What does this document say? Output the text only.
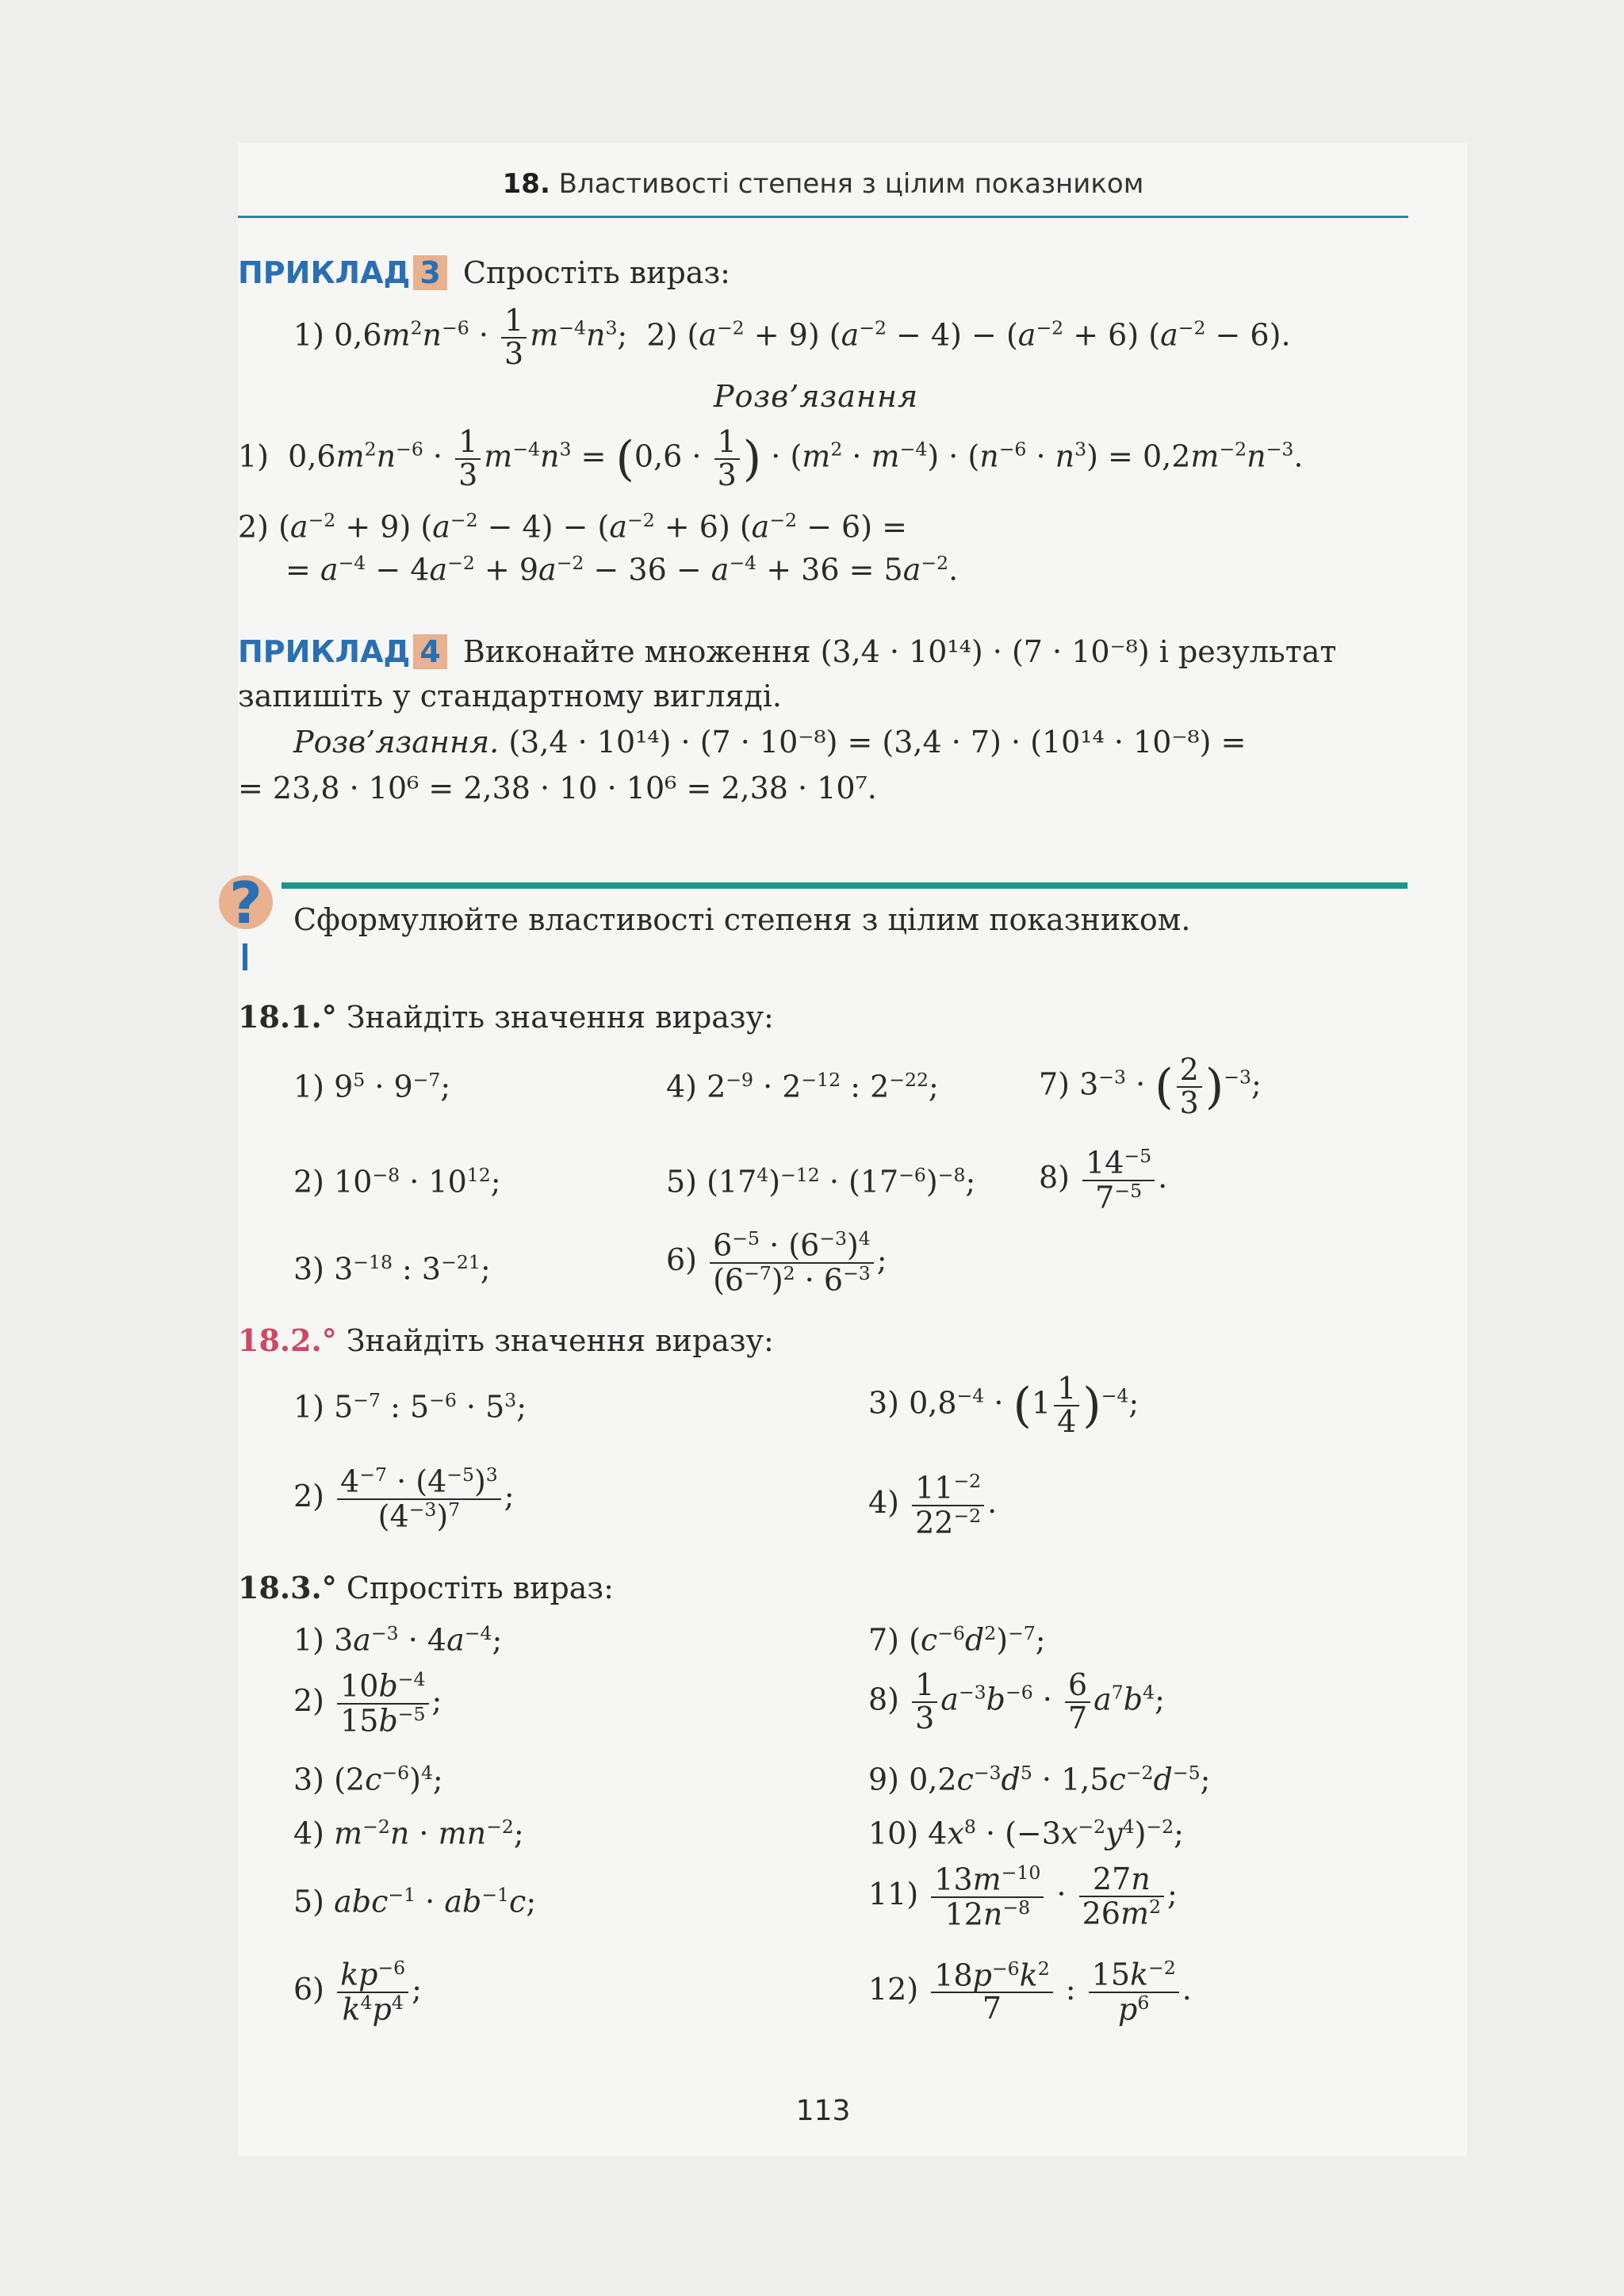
18. Властивості степеня з цілим показником
ПРИКЛАД 3 Спростіть вираз:
1) $0,6m^2n^{-6} \cdot \frac{1}{3} m^{-4}n^3$;  2) $(a^{-2} + 9) (a^{-2} - 4) - (a^{-2} + 6) (a^{-2} - 6)$.
Розв’язання
1)  $0,6m^2n^{-6} \cdot \frac{1}{3} m^{-4}n^3 = (0,6 \cdot \frac{1}{3}$ ) · $(m^2 \cdot m^{-4}) \cdot (n^{-6} \cdot n^3) = 0,2m^{-2}n^{-3}$.
2) $(a^{-2} + 9) (a^{-2} - 4) - (a^{-2} + 6) (a^{-2} - 6)$ =
= $a^{-4} - 4a^{-2} + 9a^{-2} - 36 - a^{-4} + 36 = 5a^{-2}$.
ПРИКЛАД 4 Виконайте множення (3,4 · 10¹⁴) · (7 · 10⁻⁸) і результат
запишіть у стандартному вигляді.
Розв’язання. (3,4 · 10¹⁴) · (7 · 10⁻⁸) = (3,4 · 7) · (10¹⁴ · 10⁻⁸) =
= 23,8 · 10⁶ = 2,38 · 10 · 10⁶ = 2,38 · 10⁷.
? Сформулюйте властивості степеня з цілим показником.
18.1.° Знайдіть значення виразу:
1) $9^5 \cdot 9^{-7}$;	4) $2^{-9} \cdot 2^{-12}$ : $2^{-22}$;	7) $3^{-3}$ · ( $\frac{2}{3} )^{-3}$;
2) $10^{-8} \cdot 10^{12}$;	5) $(17^4)^{-12} \cdot (17^{-6})^{-8}$; $8) \frac{14^{-5}}{7^{-5}}$ .
3) $3^{-18}$ : $3^{-21}$;	$6) \frac{6^{-5} \cdot (6^{-3})^4}{(6^{-7})^2 \cdot 6^{-3}}$ ;
18.2.° Знайдіть значення виразу:
1) $5^{-7}$ : $5^{-6} \cdot 5^3$;	3) $0,8^{-4} \cdot (1 \frac{1}{4} )^{-4}$;
$2) \frac{4^{-7} \cdot (4^{-5})^3}{(4^{-3})^7}$ ;	$4) \frac{11^{-2}}{22^{-2}}$ .
18.3.° Спростіть вираз:
1) $3a^{-3} \cdot 4a^{-4}$;	7) $(c^{-6}d^2)^{-7}$;
$2) \frac{10b^{-4}}{15b^{-5}}$ ;	$8) \frac{1}{3} a^{-3}b^{-6} \cdot \frac{6}{7} a^7b^4$;
3) $(2c^{-6})^4$;	9) $0,2c^{-3}d^5 \cdot 1,5c^{-2}d^{-5}$;
4) $m^{-2}n \cdot mn^{-2}$;	10) $4x^8 \cdot (-3x^{-2}y^4)^{-2}$;
5) $abc^{-1} \cdot ab^{-1}c$;	$11) \frac{13m^{-10}}{12n^{-8}} \cdot \frac{27n}{26m^2}$ ;
$6) \frac{kp^{-6}}{k^4p^4}$ ;	$12) \frac{18p^{-6}k^2}{7}$ : $\frac{15k^{-2}}{p^6}$ .
113
